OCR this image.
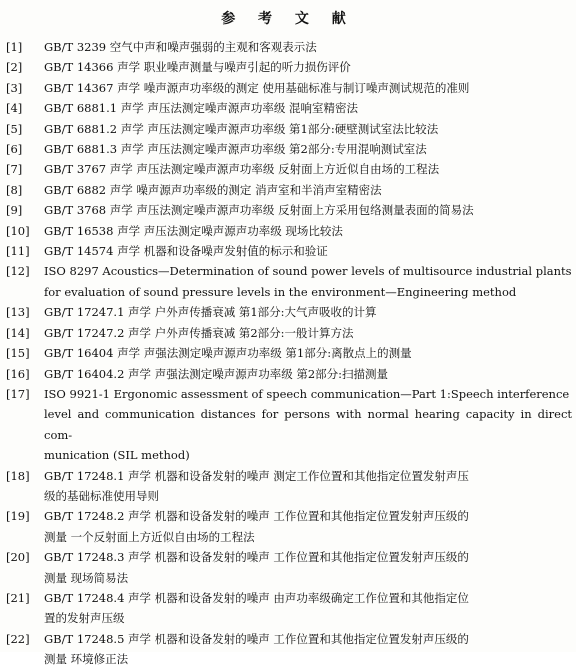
参 考 文 献
[1]	GB/T 3239 空气中声和噪声强弱的主观和客观表示法
[2]	GB/T 14366 声学 职业噪声测量与噪声引起的听力损伤评价
[3]	GB/T 14367 声学 噪声源声功率级的测定 使用基础标准与制订噪声测试规范的准则
[4]	GB/T 6881.1 声学 声压法测定噪声源声功率级 混响室精密法
[5]	GB/T 6881.2 声学 声压法测定噪声源声功率级 第1部分:硬壁测试室法比较法
[6]	GB/T 6881.3 声学 声压法测定噪声源声功率级 第2部分:专用混响测试室法
[7]	GB/T 3767 声学 声压法测定噪声源声功率级 反射面上方近似自由场的工程法
[8]	GB/T 6882 声学 噪声源声功率级的测定 消声室和半消声室精密法
[9]	GB/T 3768 声学 声压法测定噪声源声功率级 反射面上方采用包络测量表面的简易法
[10]	GB/T 16538 声学 声压法测定噪声源声功率级 现场比较法
[11]	GB/T 14574 声学 机器和设备噪声发射值的标示和验证
[12]	ISO 8297 Acoustics—Determination of sound power levels of multisource industrial plants
for evaluation of sound pressure levels in the environment—Engineering method
[13]	GB/T 17247.1 声学 户外声传播衰减 第1部分:大气声吸收的计算
[14]	GB/T 17247.2 声学 户外声传播衰减 第2部分:一般计算方法
[15]	GB/T 16404 声学 声强法测定噪声源声功率级 第1部分:离散点上的测量
[16]	GB/T 16404.2 声学 声强法测定噪声源声功率级 第2部分:扫描测量
[17]	ISO 9921-1 Ergonomic assessment of speech communication—Part 1:Speech interference
level and communication distances for persons with normal hearing capacity in direct com-
munication (SIL method)
[18]	GB/T 17248.1 声学 机器和设备发射的噪声 测定工作位置和其他指定位置发射声压
级的基础标准使用导则
[19]	GB/T 17248.2 声学 机器和设备发射的噪声 工作位置和其他指定位置发射声压级的
测量 一个反射面上方近似自由场的工程法
[20]	GB/T 17248.3 声学 机器和设备发射的噪声 工作位置和其他指定位置发射声压级的
测量 现场简易法
[21]	GB/T 17248.4 声学 机器和设备发射的噪声 由声功率级确定工作位置和其他指定位
置的发射声压级
[22]	GB/T 17248.5 声学 机器和设备发射的噪声 工作位置和其他指定位置发射声压级的
测量 环境修正法
